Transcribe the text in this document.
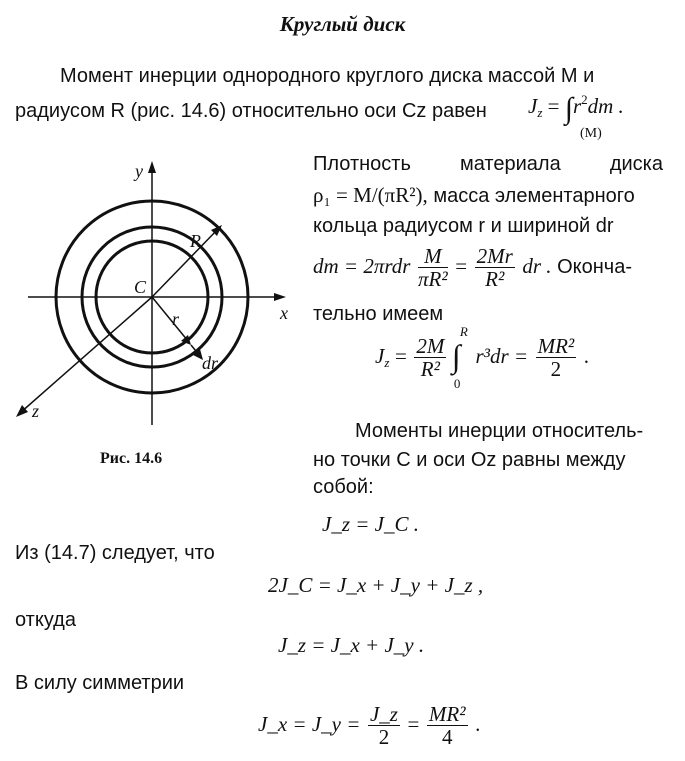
Круглый диск
Момент инерции однородного круглого диска массой M и
радиусом R (рис. 14.6) относительно оси Cz равен $J_z = \int r^2dm$ .
(M)
y
x
z
C
R
r
dr
Рис. 14.6
Плотность материала диска
ρ₁ = M/(πR²), масса элементарного
кольца радиусом r и шириной dr
dm = $2\pi rdr \frac{M}{\text{πR²}} = \frac{2Mr}{\text{R²}}$ dr . Оконча-
тельно имеем
$J_z = \frac{2M}{\text{R²}}$
∫
R
0
$r^3dr = \frac{\text{MR²}}{2}$ .
Моменты инерции относитель-
но точки C и оси Oz равны между
собой:
J_z = J_C .
Из (14.7) следует, что
2J_C = J_x + J_y + J_z ,
откуда
J_z = J_x + J_y .
В силу симметрии
J_x = J_y = $\frac{J\_z}{2} = \frac{\text{MR²}}{4}$ .
